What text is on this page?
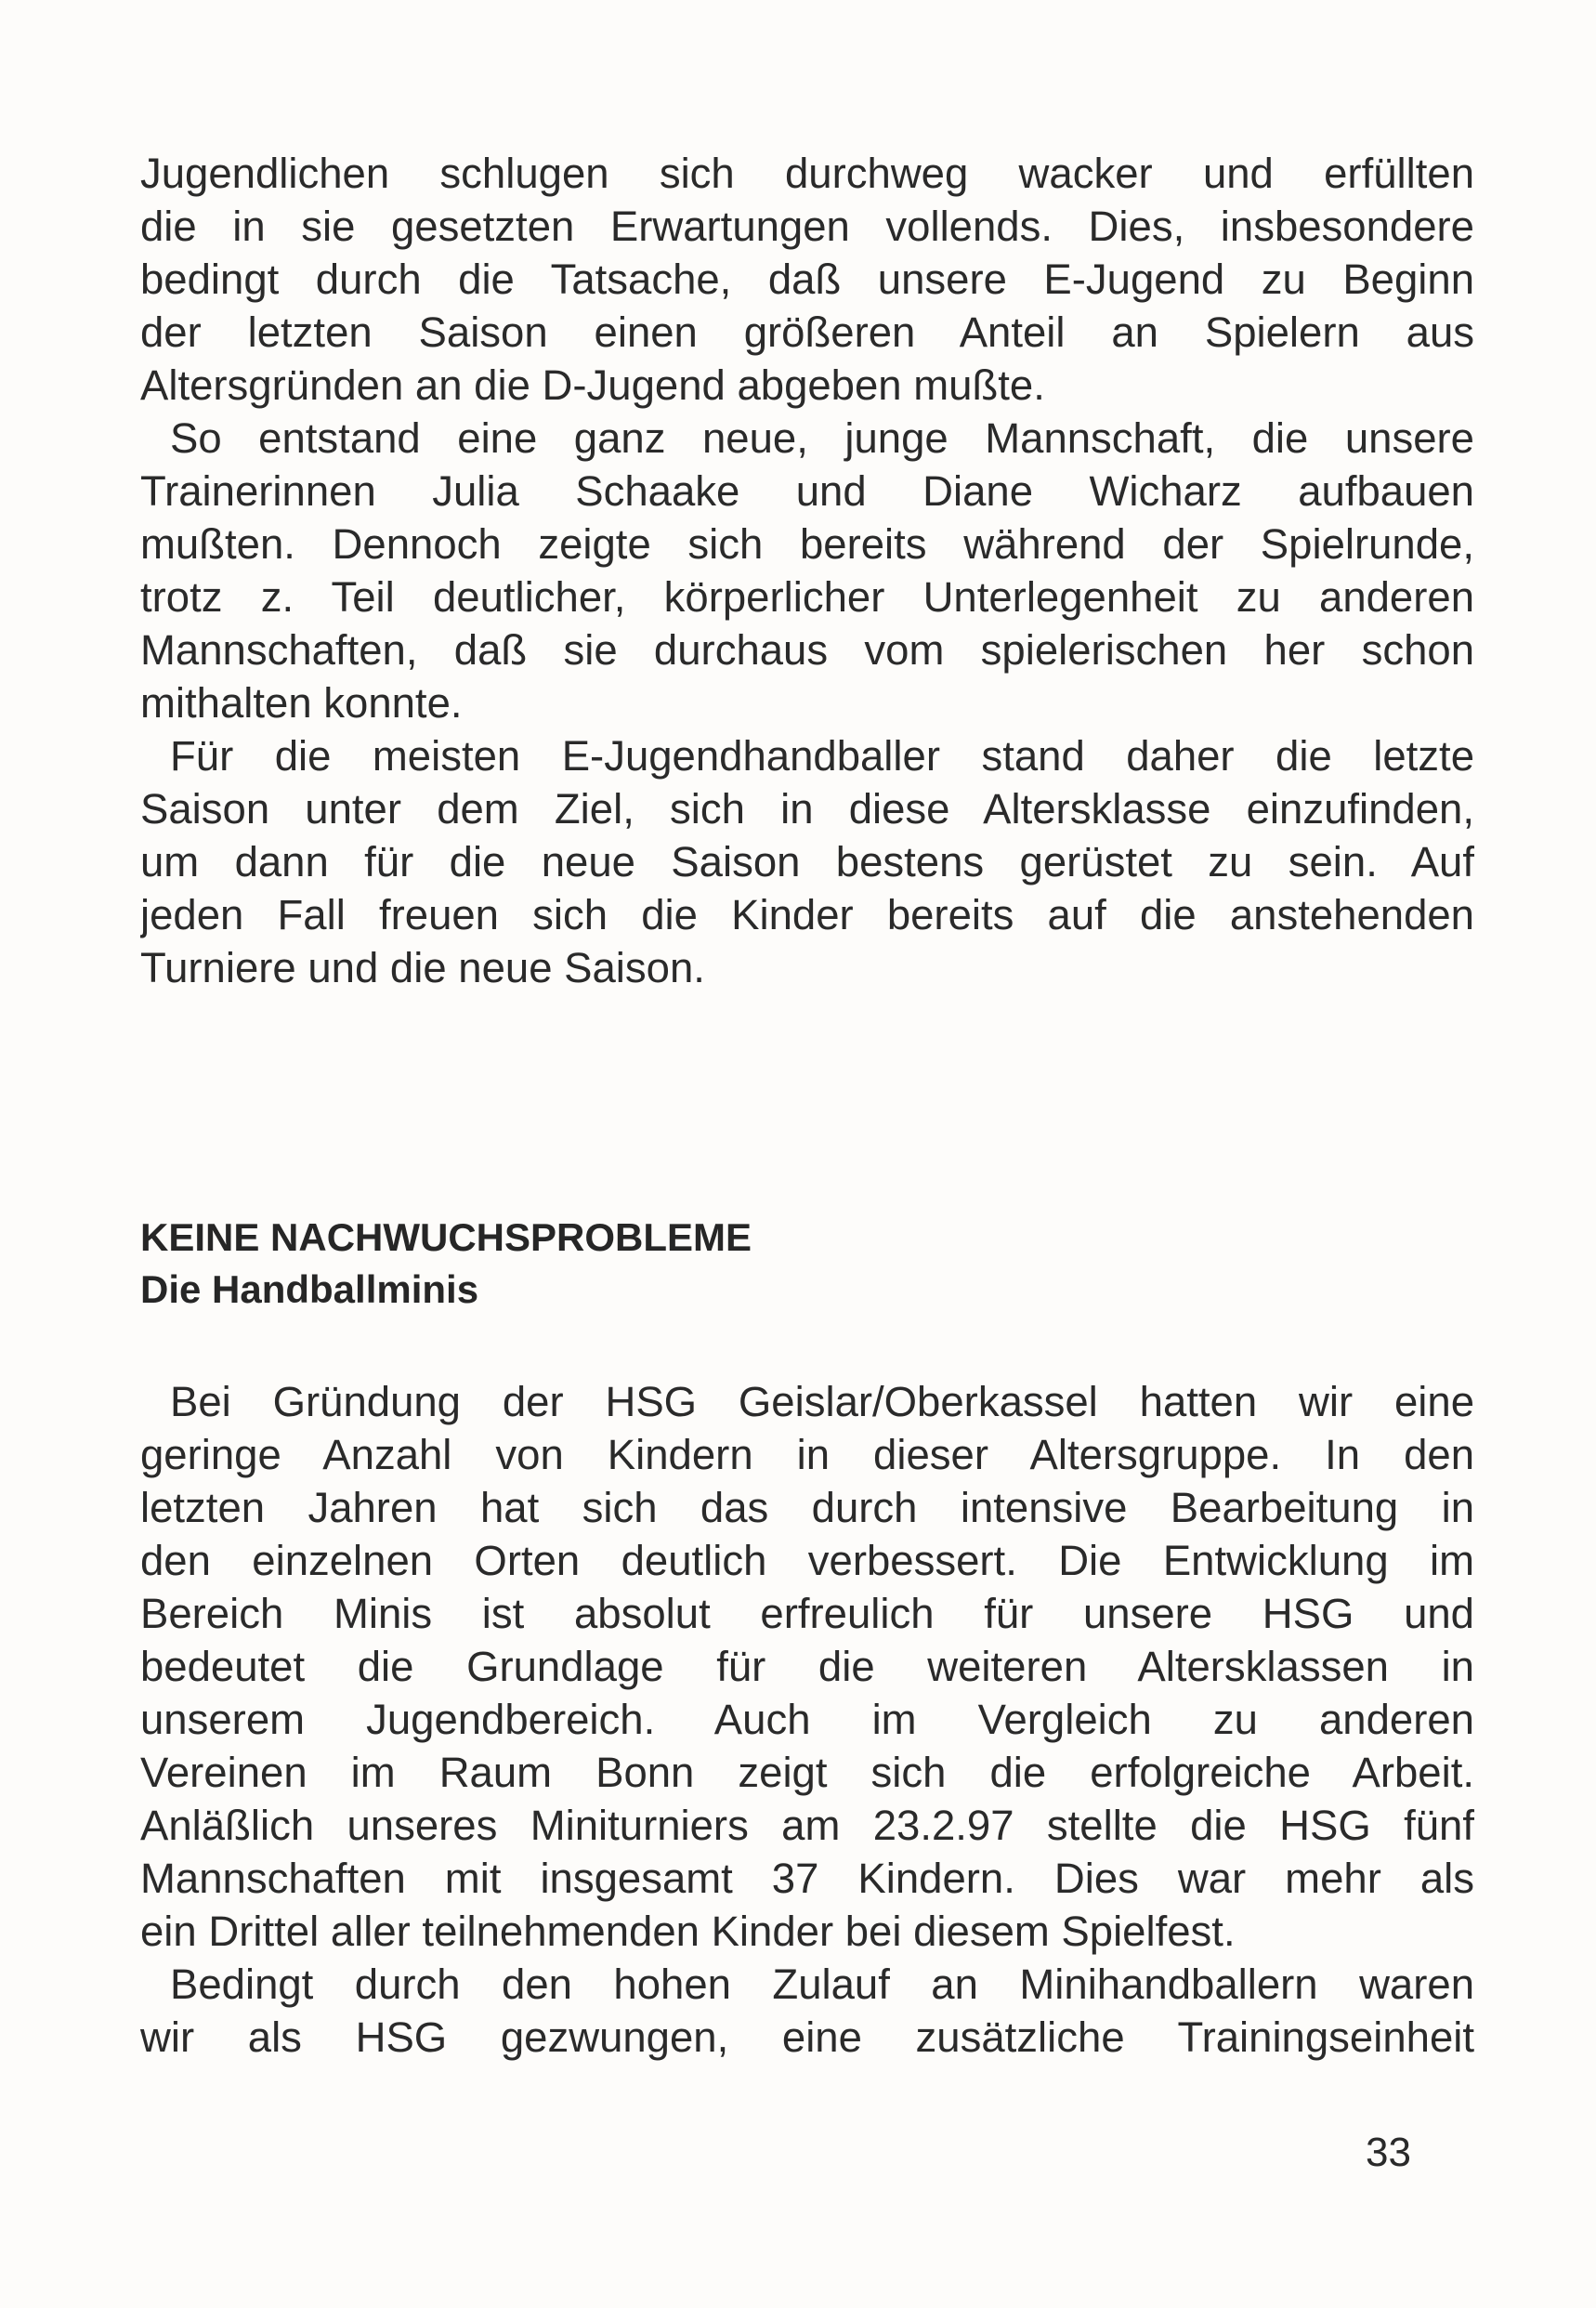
Jugendlichen schlugen sich durchweg wacker und erfüllten
die in sie gesetzten Erwartungen vollends. Dies, insbesondere
bedingt durch die Tatsache, daß unsere E-Jugend zu Beginn
der letzten Saison einen größeren Anteil an Spielern aus
Altersgründen an die D-Jugend abgeben mußte.
So entstand eine ganz neue, junge Mannschaft, die unsere
Trainerinnen Julia Schaake und Diane Wicharz aufbauen
mußten. Dennoch zeigte sich bereits während der Spielrunde,
trotz z. Teil deutlicher, körperlicher Unterlegenheit zu anderen
Mannschaften, daß sie durchaus vom spielerischen her schon
mithalten konnte.
Für die meisten E-Jugendhandballer stand daher die letzte
Saison unter dem Ziel, sich in diese Altersklasse einzufinden,
um dann für die neue Saison bestens gerüstet zu sein. Auf
jeden Fall freuen sich die Kinder bereits auf die anstehenden
Turniere und die neue Saison.
KEINE NACHWUCHSPROBLEME
Die Handballminis
Bei Gründung der HSG Geislar/Oberkassel hatten wir eine
geringe Anzahl von Kindern in dieser Altersgruppe. In den
letzten Jahren hat sich das durch intensive Bearbeitung in
den einzelnen Orten deutlich verbessert. Die Entwicklung im
Bereich Minis ist absolut erfreulich für unsere HSG und
bedeutet die Grundlage für die weiteren Altersklassen in
unserem Jugendbereich. Auch im Vergleich zu anderen
Vereinen im Raum Bonn zeigt sich die erfolgreiche Arbeit.
Anläßlich unseres Miniturniers am 23.2.97 stellte die HSG fünf
Mannschaften mit insgesamt 37 Kindern. Dies war mehr als
ein Drittel aller teilnehmenden Kinder bei diesem Spielfest.
Bedingt durch den hohen Zulauf an Minihandballern waren
wir als HSG gezwungen, eine zusätzliche Trainingseinheit
33
